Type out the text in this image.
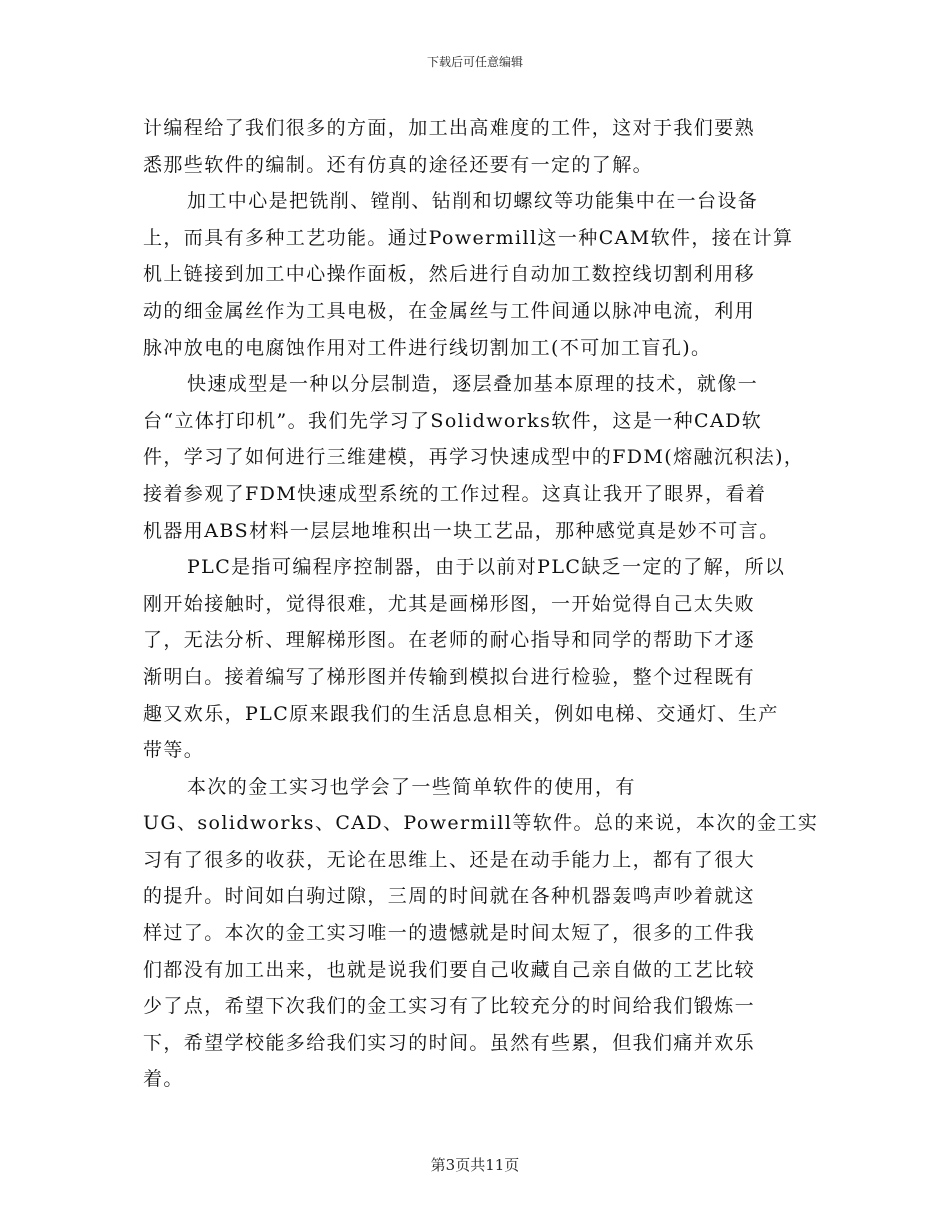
下载后可任意编辑
计编程给了我们很多的方面，加工出高难度的工件，这对于我们要熟
悉那些软件的编制。还有仿真的途径还要有一定的了解。
加工中心是把铣削、镗削、钻削和切螺纹等功能集中在一台设备
上，而具有多种工艺功能。通过Powermill这一种CAM软件，接在计算
机上链接到加工中心操作面板，然后进行自动加工数控线切割利用移
动的细金属丝作为工具电极，在金属丝与工件间通以脉冲电流，利用
脉冲放电的电腐蚀作用对工件进行线切割加工(不可加工盲孔)。
快速成型是一种以分层制造，逐层叠加基本原理的技术，就像一
台“立体打印机”。我们先学习了Solidworks软件，这是一种CAD软
件，学习了如何进行三维建模，再学习快速成型中的FDM(熔融沉积法)，
接着参观了FDM快速成型系统的工作过程。这真让我开了眼界，看着
机器用ABS材料一层层地堆积出一块工艺品，那种感觉真是妙不可言。
PLC是指可编程序控制器，由于以前对PLC缺乏一定的了解，所以
刚开始接触时，觉得很难，尤其是画梯形图，一开始觉得自己太失败
了，无法分析、理解梯形图。在老师的耐心指导和同学的帮助下才逐
渐明白。接着编写了梯形图并传输到模拟台进行检验，整个过程既有
趣又欢乐，PLC原来跟我们的生活息息相关，例如电梯、交通灯、生产
带等。
本次的金工实习也学会了一些简单软件的使用，有
UG、solidworks、CAD、Powermill等软件。总的来说，本次的金工实
习有了很多的收获，无论在思维上、还是在动手能力上，都有了很大
的提升。时间如白驹过隙，三周的时间就在各种机器轰鸣声吵着就这
样过了。本次的金工实习唯一的遗憾就是时间太短了，很多的工件我
们都没有加工出来，也就是说我们要自己收藏自己亲自做的工艺比较
少了点，希望下次我们的金工实习有了比较充分的时间给我们锻炼一
下，希望学校能多给我们实习的时间。虽然有些累，但我们痛并欢乐
着。
第3页共11页
